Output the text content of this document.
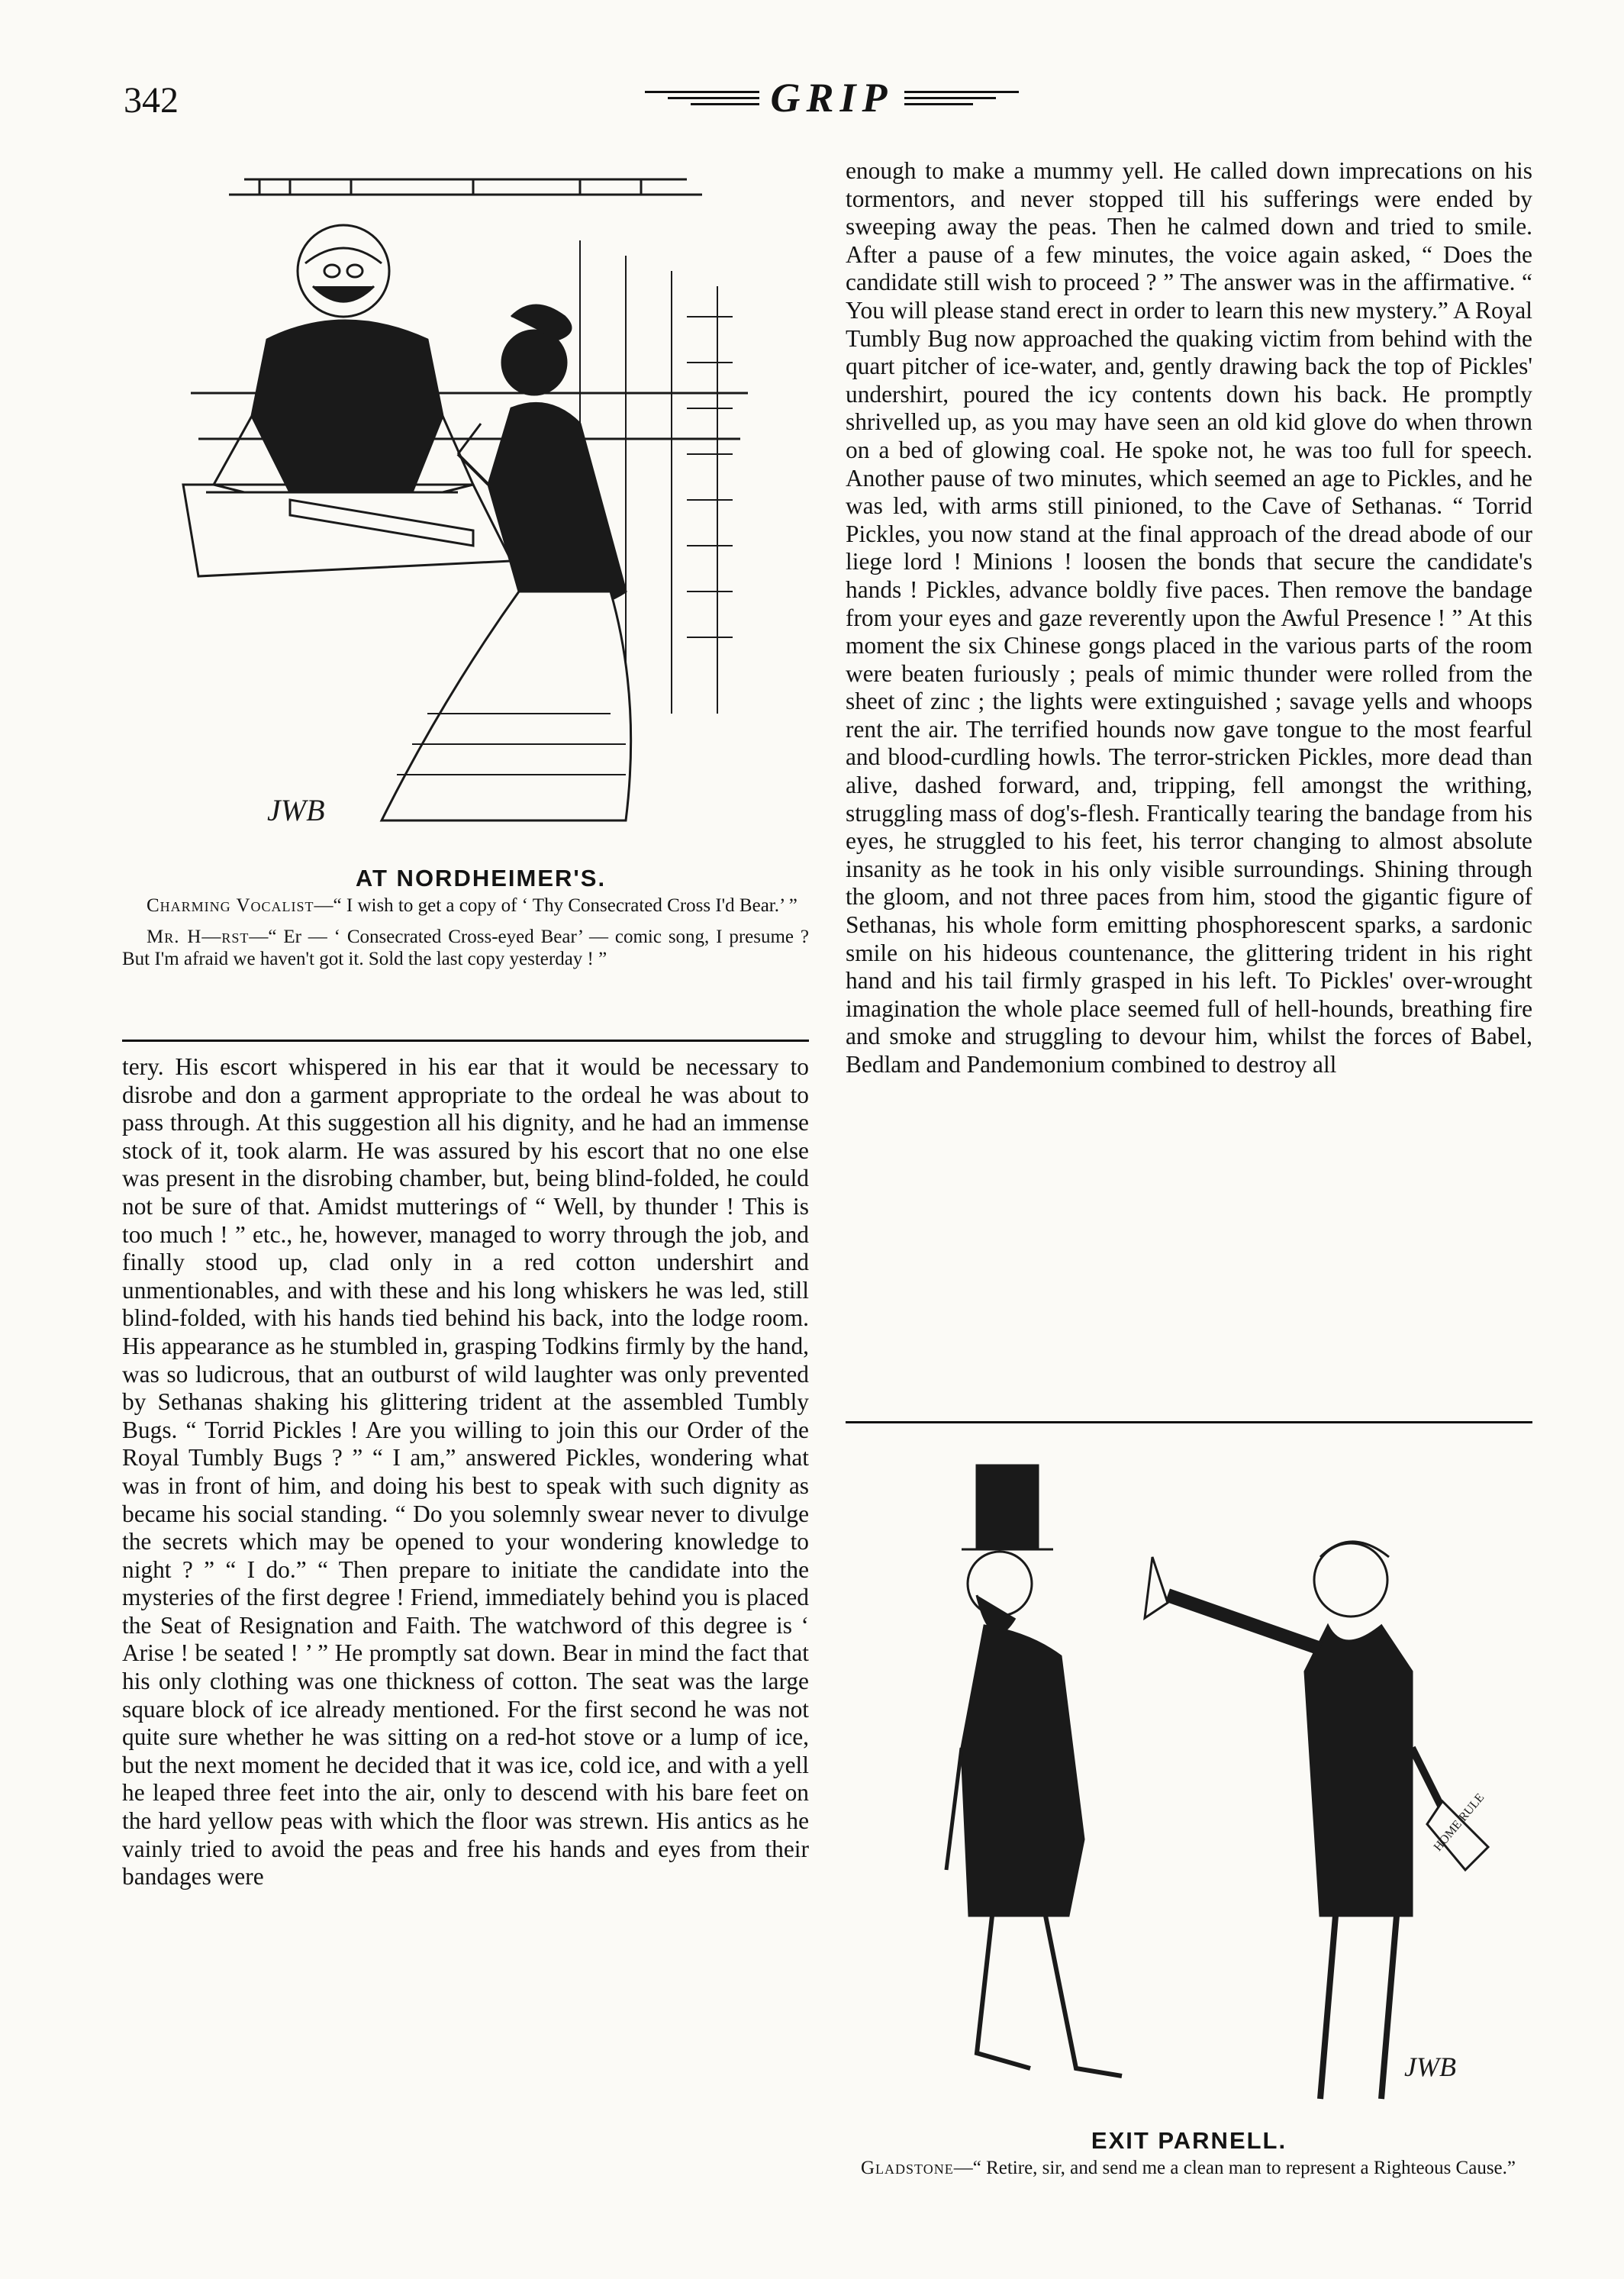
342	GRIP
JWB
AT NORDHEIMER'S.
Charming Vocalist—“ I wish to get a copy of ‘ Thy Consecrated Cross I'd Bear.’ ”
Mr. H—rst—“ Er — ‘ Consecrated Cross-eyed Bear’ — comic song, I presume ? But I'm afraid we haven't got it. Sold the last copy yesterday ! ”

tery. His escort whispered in his ear that it would be necessary to disrobe and don a garment appropriate to the ordeal he was about to pass through. At this suggestion all his dignity, and he had an immense stock of it, took alarm. He was assured by his escort that no one else was present in the disrobing chamber, but, being blind-folded, he could not be sure of that. Amidst mutterings of “ Well, by thunder ! This is too much ! ” etc., he, however, managed to worry through the job, and finally stood up, clad only in a red cotton undershirt and unmentionables, and with these and his long whiskers he was led, still blind-folded, with his hands tied behind his back, into the lodge room. His appearance as he stumbled in, grasping Todkins firmly by the hand, was so ludicrous, that an outburst of wild laughter was only prevented by Sethanas shaking his glittering trident at the assembled Tumbly Bugs. “ Torrid Pickles ! Are you willing to join this our Order of the Royal Tumbly Bugs ? ” “ I am,” answered Pickles, wondering what was in front of him, and doing his best to speak with such dignity as became his social standing. “ Do you solemnly swear never to divulge the secrets which may be opened to your wondering knowledge to night ? ” “ I do.” “ Then prepare to initiate the candidate into the mysteries of the first degree ! Friend, immediately behind you is placed the Seat of Resignation and Faith. The watchword of this degree is ‘ Arise ! be seated ! ’ ” He promptly sat down. Bear in mind the fact that his only clothing was one thickness of cotton. The seat was the large square block of ice already mentioned. For the first second he was not quite sure whether he was sitting on a red-hot stove or a lump of ice, but the next moment he decided that it was ice, cold ice, and with a yell he leaped three feet into the air, only to descend with his bare feet on the hard yellow peas with which the floor was strewn. His antics as he vainly tried to avoid the peas and free his hands and eyes from their bandages were

enough to make a mummy yell. He called down imprecations on his tormentors, and never stopped till his sufferings were ended by sweeping away the peas. Then he calmed down and tried to smile. After a pause of a few minutes, the voice again asked, “ Does the candidate still wish to proceed ? ” The answer was in the affirmative. “ You will please stand erect in order to learn this new mystery.” A Royal Tumbly Bug now approached the quaking victim from behind with the quart pitcher of ice-water, and, gently drawing back the top of Pickles' undershirt, poured the icy contents down his back. He promptly shrivelled up, as you may have seen an old kid glove do when thrown on a bed of glowing coal. He spoke not, he was too full for speech. Another pause of two minutes, which seemed an age to Pickles, and he was led, with arms still pinioned, to the Cave of Sethanas. “ Torrid Pickles, you now stand at the final approach of the dread abode of our liege lord ! Minions ! loosen the bonds that secure the candidate's hands ! Pickles, advance boldly five paces. Then remove the bandage from your eyes and gaze reverently upon the Awful Presence ! ” At this moment the six Chinese gongs placed in the various parts of the room were beaten furiously ; peals of mimic thunder were rolled from the sheet of zinc ; the lights were extinguished ; savage yells and whoops rent the air. The terrified hounds now gave tongue to the most fearful and blood-curdling howls. The terror-stricken Pickles, more dead than alive, dashed forward, and, tripping, fell amongst the writhing, struggling mass of dog's-flesh. Frantically tearing the bandage from his eyes, he struggled to his feet, his terror changing to almost absolute insanity as he took in his only visible surroundings. Shining through the gloom, and not three paces from him, stood the gigantic figure of Sethanas, his whole form emitting phosphorescent sparks, a sardonic smile on his hideous countenance, the glittering trident in his right hand and his tail firmly grasped in his left. To Pickles' over-wrought imagination the whole place seemed full of hell-hounds, breathing fire and smoke and struggling to devour him, whilst the forces of Babel, Bedlam and Pandemonium combined to destroy all

HOME RULE
JWB
EXIT PARNELL.
Gladstone—“ Retire, sir, and send me a clean man to represent a Righteous Cause.”
